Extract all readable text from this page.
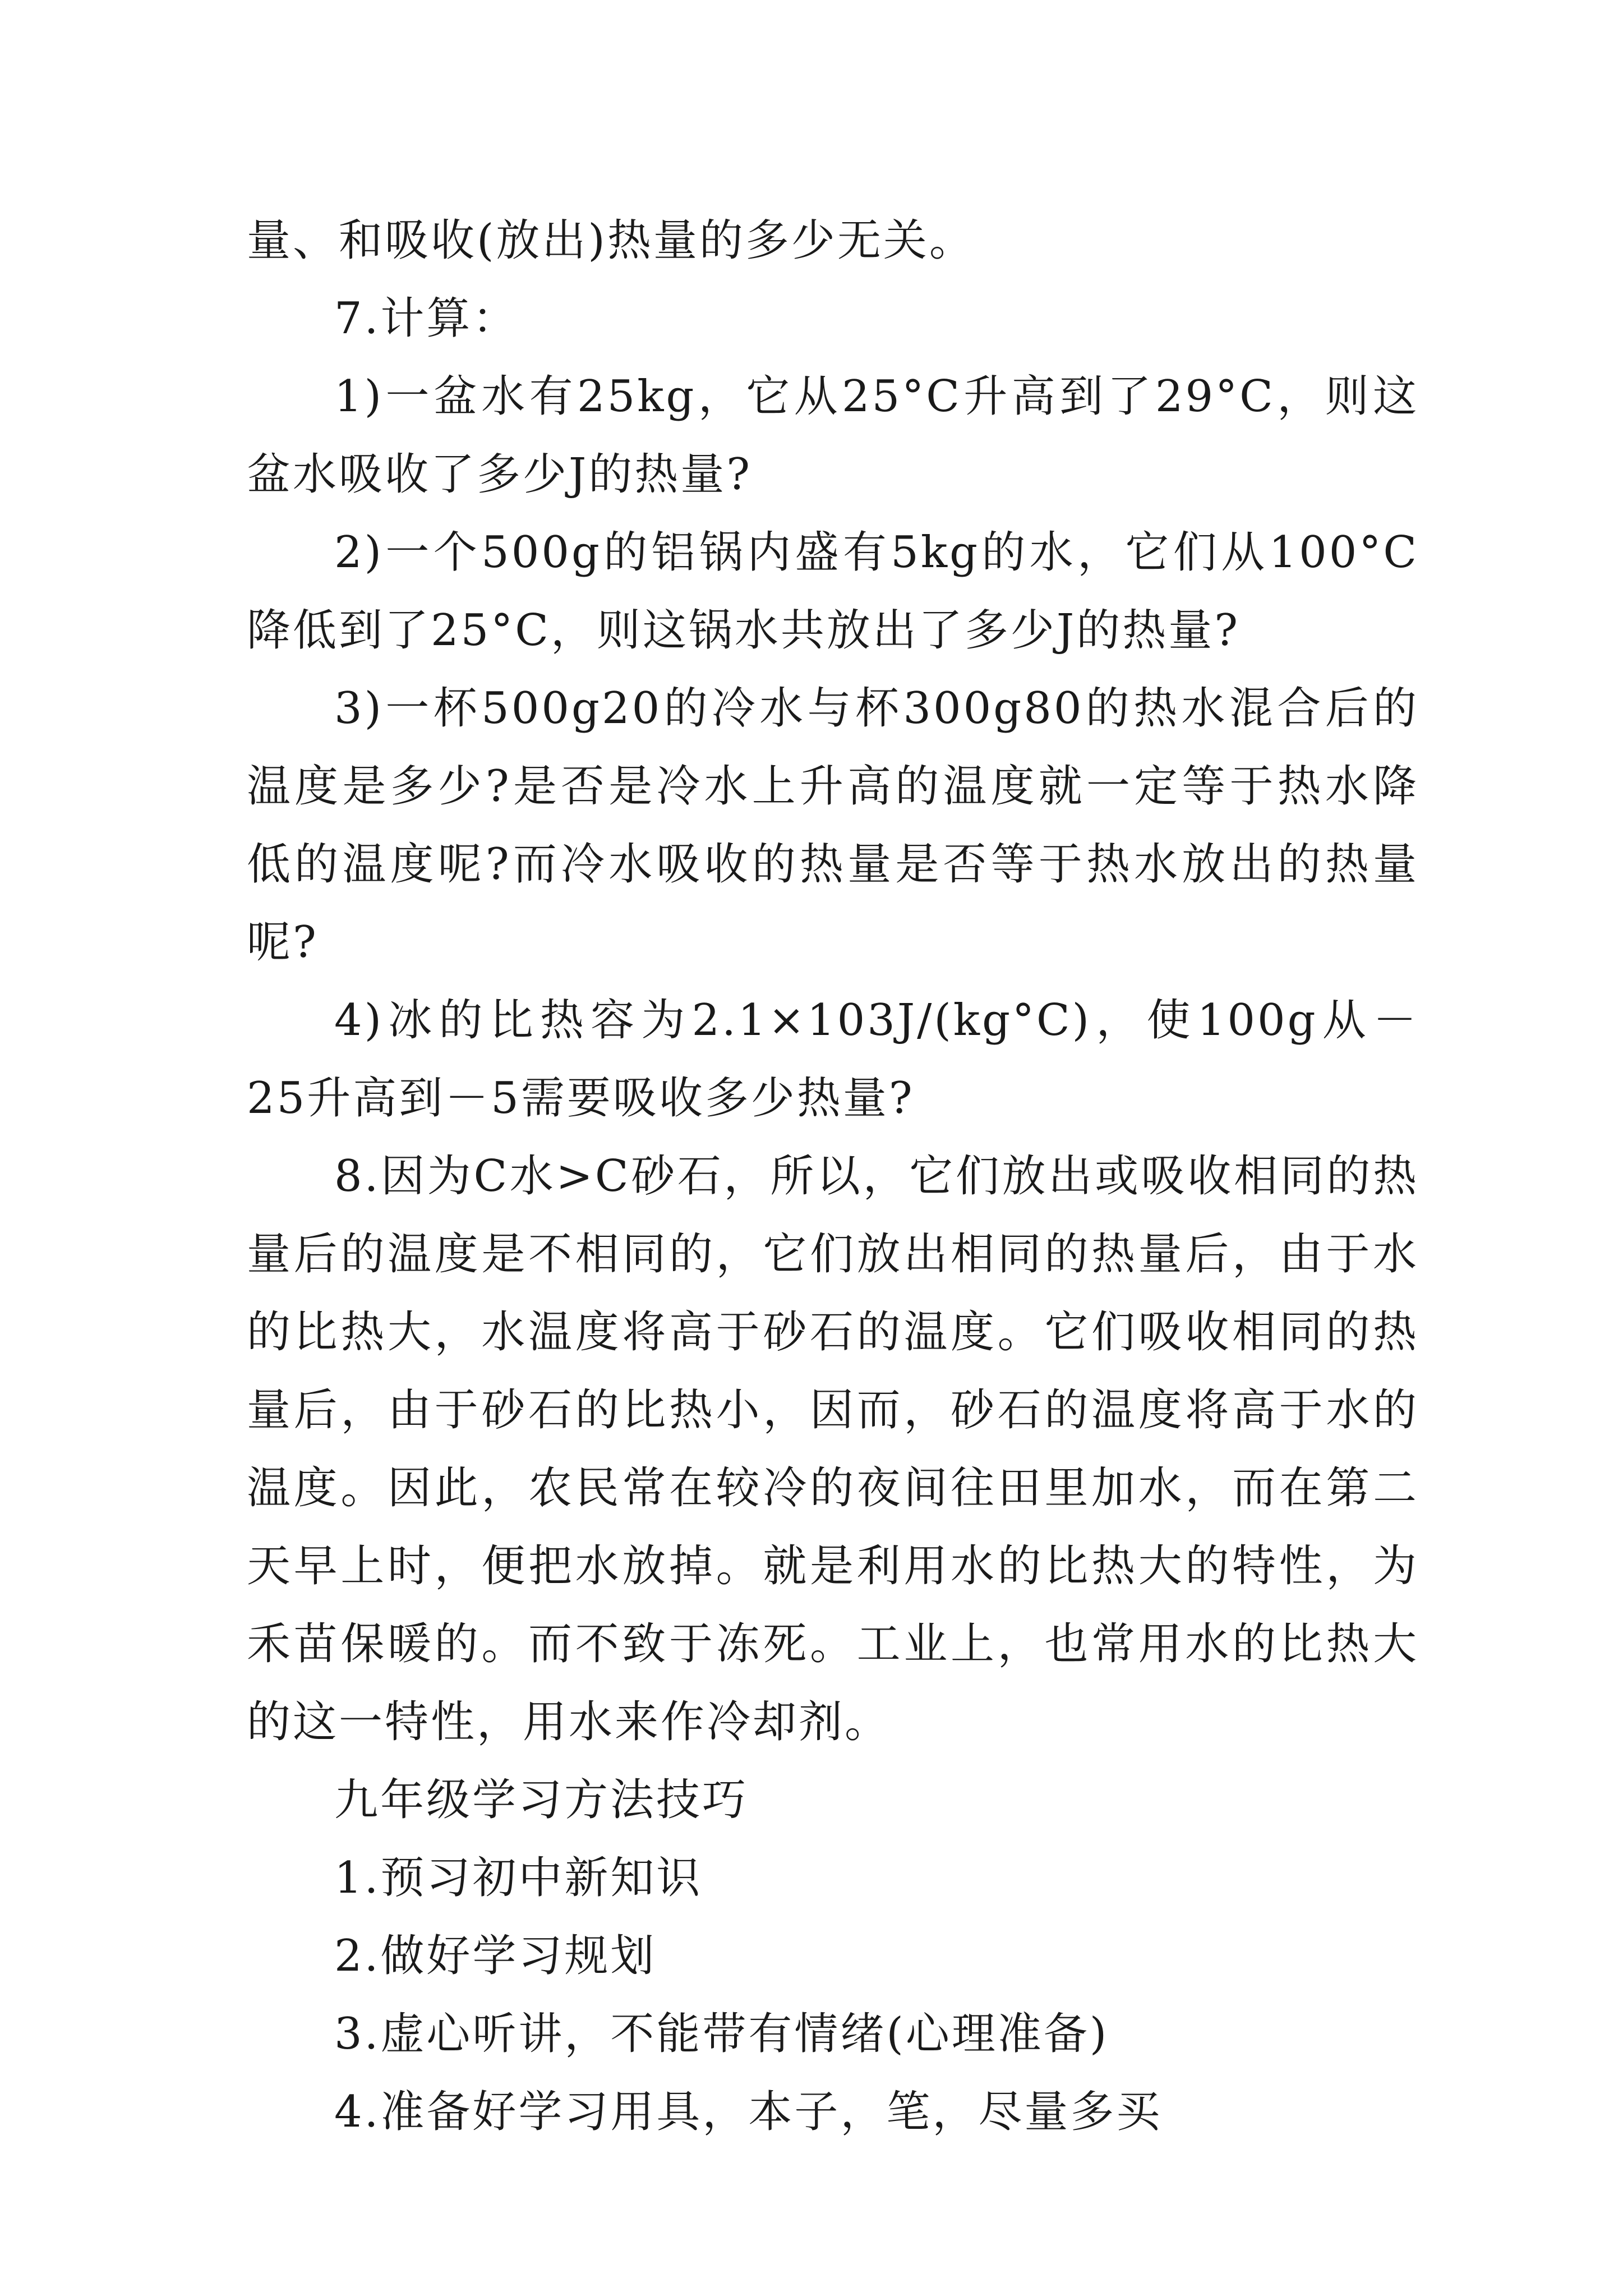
量、和吸收(放出)热量的多少无关。

7.计算：

1)一盆水有25kg，它从25°C升高到了29°C，则这盆水吸收了多少J的热量?

2)一个500g的铝锅内盛有5kg的水，它们从100°C降低到了25°C，则这锅水共放出了多少J的热量?

3)一杯500g20的冷水与杯300g80的热水混合后的温度是多少?是否是冷水上升高的温度就一定等于热水降低的温度呢?而冷水吸收的热量是否等于热水放出的热量呢?

4)冰的比热容为2.1×103J/(kg°C)，使100g从－25升高到－5需要吸收多少热量?

8.因为C水>C砂石，所以，它们放出或吸收相同的热量后的温度是不相同的，它们放出相同的热量后，由于水的比热大，水温度将高于砂石的温度。它们吸收相同的热量后，由于砂石的比热小，因而，砂石的温度将高于水的温度。因此，农民常在较冷的夜间往田里加水，而在第二天早上时，便把水放掉。就是利用水的比热大的特性，为禾苗保暖的。而不致于冻死。工业上，也常用水的比热大的这一特性，用水来作冷却剂。

九年级学习方法技巧

1.预习初中新知识

2.做好学习规划

3.虚心听讲，不能带有情绪(心理准备)

4.准备好学习用具，本子，笔，尽量多买
